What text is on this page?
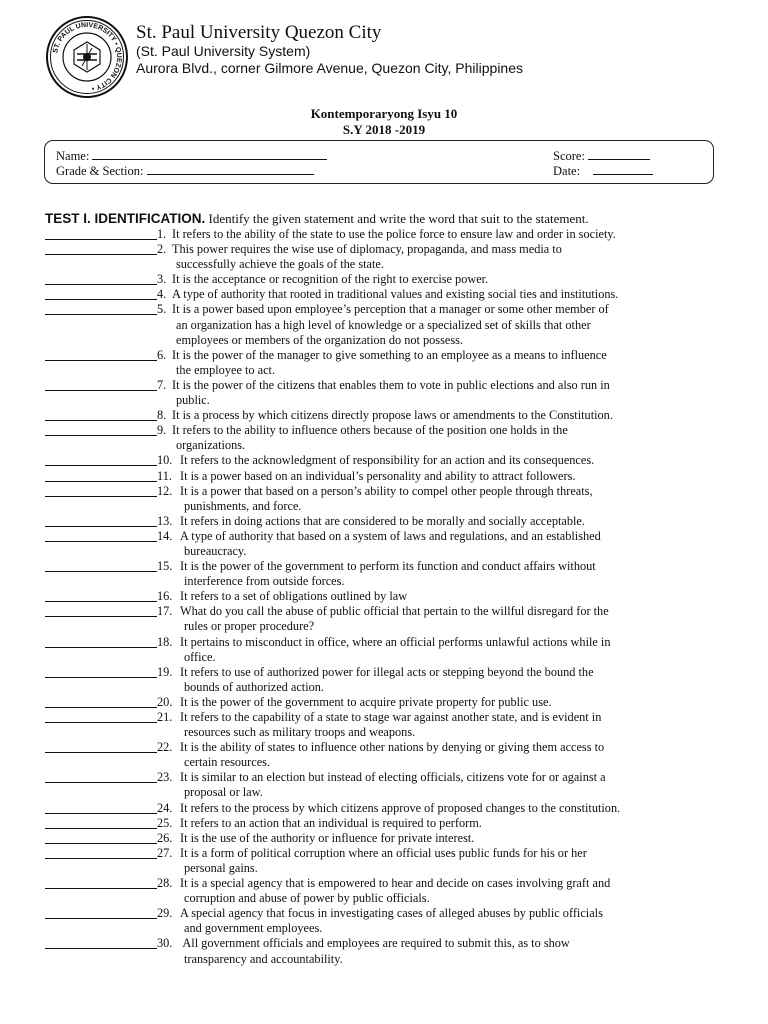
ST. PAUL UNIVERSITY • QUEZON CITY •
St. Paul University Quezon City
(St. Paul University System)
Aurora Blvd., corner Gilmore Avenue, Quezon City, Philippines
Kontemporaryong Isyu 10
S.Y 2018 -2019
Name:
Grade & Section:
Score:
Date:
TEST I. IDENTIFICATION. Identify the given statement and write the word that suit to the statement.
1. It refers to the ability of the state to use the police force to ensure law and order in society.
2. This power requires the wise use of diplomacy, propaganda, and mass media to
successfully achieve the goals of the state.
3. It is the acceptance or recognition of the right to exercise power.
4. A type of authority that rooted in traditional values and existing social ties and institutions.
5. It is a power based upon employee’s perception that a manager or some other member of
an organization has a high level of knowledge or a specialized set of skills that other
employees or members of the organization do not possess.
6. It is the power of the manager to give something to an employee as a means to influence
the employee to act.
7. It is the power of the citizens that enables them to vote in public elections and also run in
public.
8. It is a process by which citizens directly propose laws or amendments to the Constitution.
9. It refers to the ability to influence others because of the position one holds in the
organizations.
10. It refers to the acknowledgment of responsibility for an action and its consequences.
11. It is a power based on an individual’s personality and ability to attract followers.
12. It is a power that based on a person’s ability to compel other people through threats,
punishments, and force.
13. It refers in doing actions that are considered to be morally and socially acceptable.
14. A type of authority that based on a system of laws and regulations, and an established
bureaucracy.
15. It is the power of the government to perform its function and conduct affairs without
interference from outside forces.
16. It refers to a set of obligations outlined by law
17. What do you call the abuse of public official that pertain to the willful disregard for the
rules or proper procedure?
18. It pertains to misconduct in office, where an official performs unlawful actions while in
office.
19. It refers to use of authorized power for illegal acts or stepping beyond the bound the
bounds of authorized action.
20. It is the power of the government to acquire private property for public use.
21. It refers to the capability of a state to stage war against another state, and is evident in
resources such as military troops and weapons.
22. It is the ability of states to influence other nations by denying or giving them access to
certain resources.
23. It is similar to an election but instead of electing officials, citizens vote for or against a
proposal or law.
24. It refers to the process by which citizens approve of proposed changes to the constitution.
25. It refers to an action that an individual is required to perform.
26. It is the use of the authority or influence for private interest.
27. It is a form of political corruption where an official uses public funds for his or her
personal gains.
28. It is a special agency that is empowered to hear and decide on cases involving graft and
corruption and abuse of power by public officials.
29. A special agency that focus in investigating cases of alleged abuses by public officials
and government employees.
30. All government officials and employees are required to submit this, as to show
transparency and accountability.
